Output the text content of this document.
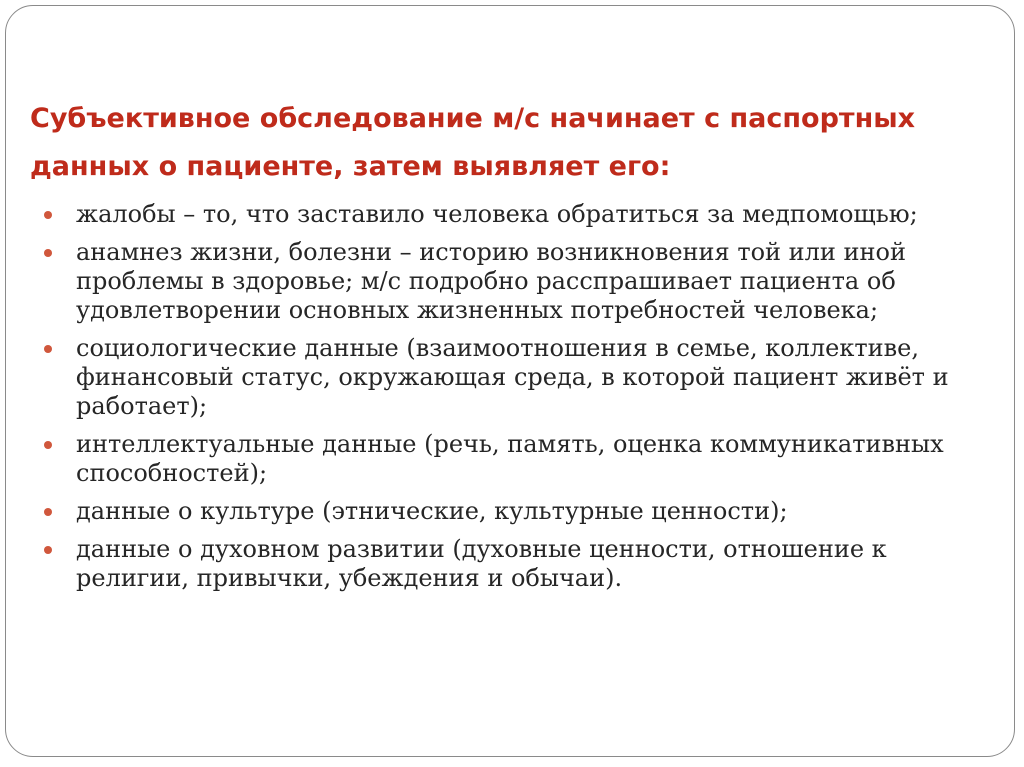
Субъективное обследование м/с начинает с паспортных данных о пациенте, затем выявляет его:
жалобы – то, что заставило человека обратиться за медпомощью;
анамнез жизни, болезни – историю возникновения той или иной проблемы в здоровье; м/с подробно расспрашивает пациента об удовлетворении основных жизненных потребностей человека;
социологические данные (взаимоотношения в семье, коллективе, финансовый статус, окружающая среда, в которой пациент живёт и работает);
интеллектуальные данные (речь, память, оценка коммуникативных способностей);
данные о культуре (этнические, культурные ценности);
данные о духовном развитии (духовные ценности, отношение к религии, привычки, убеждения и обычаи).
